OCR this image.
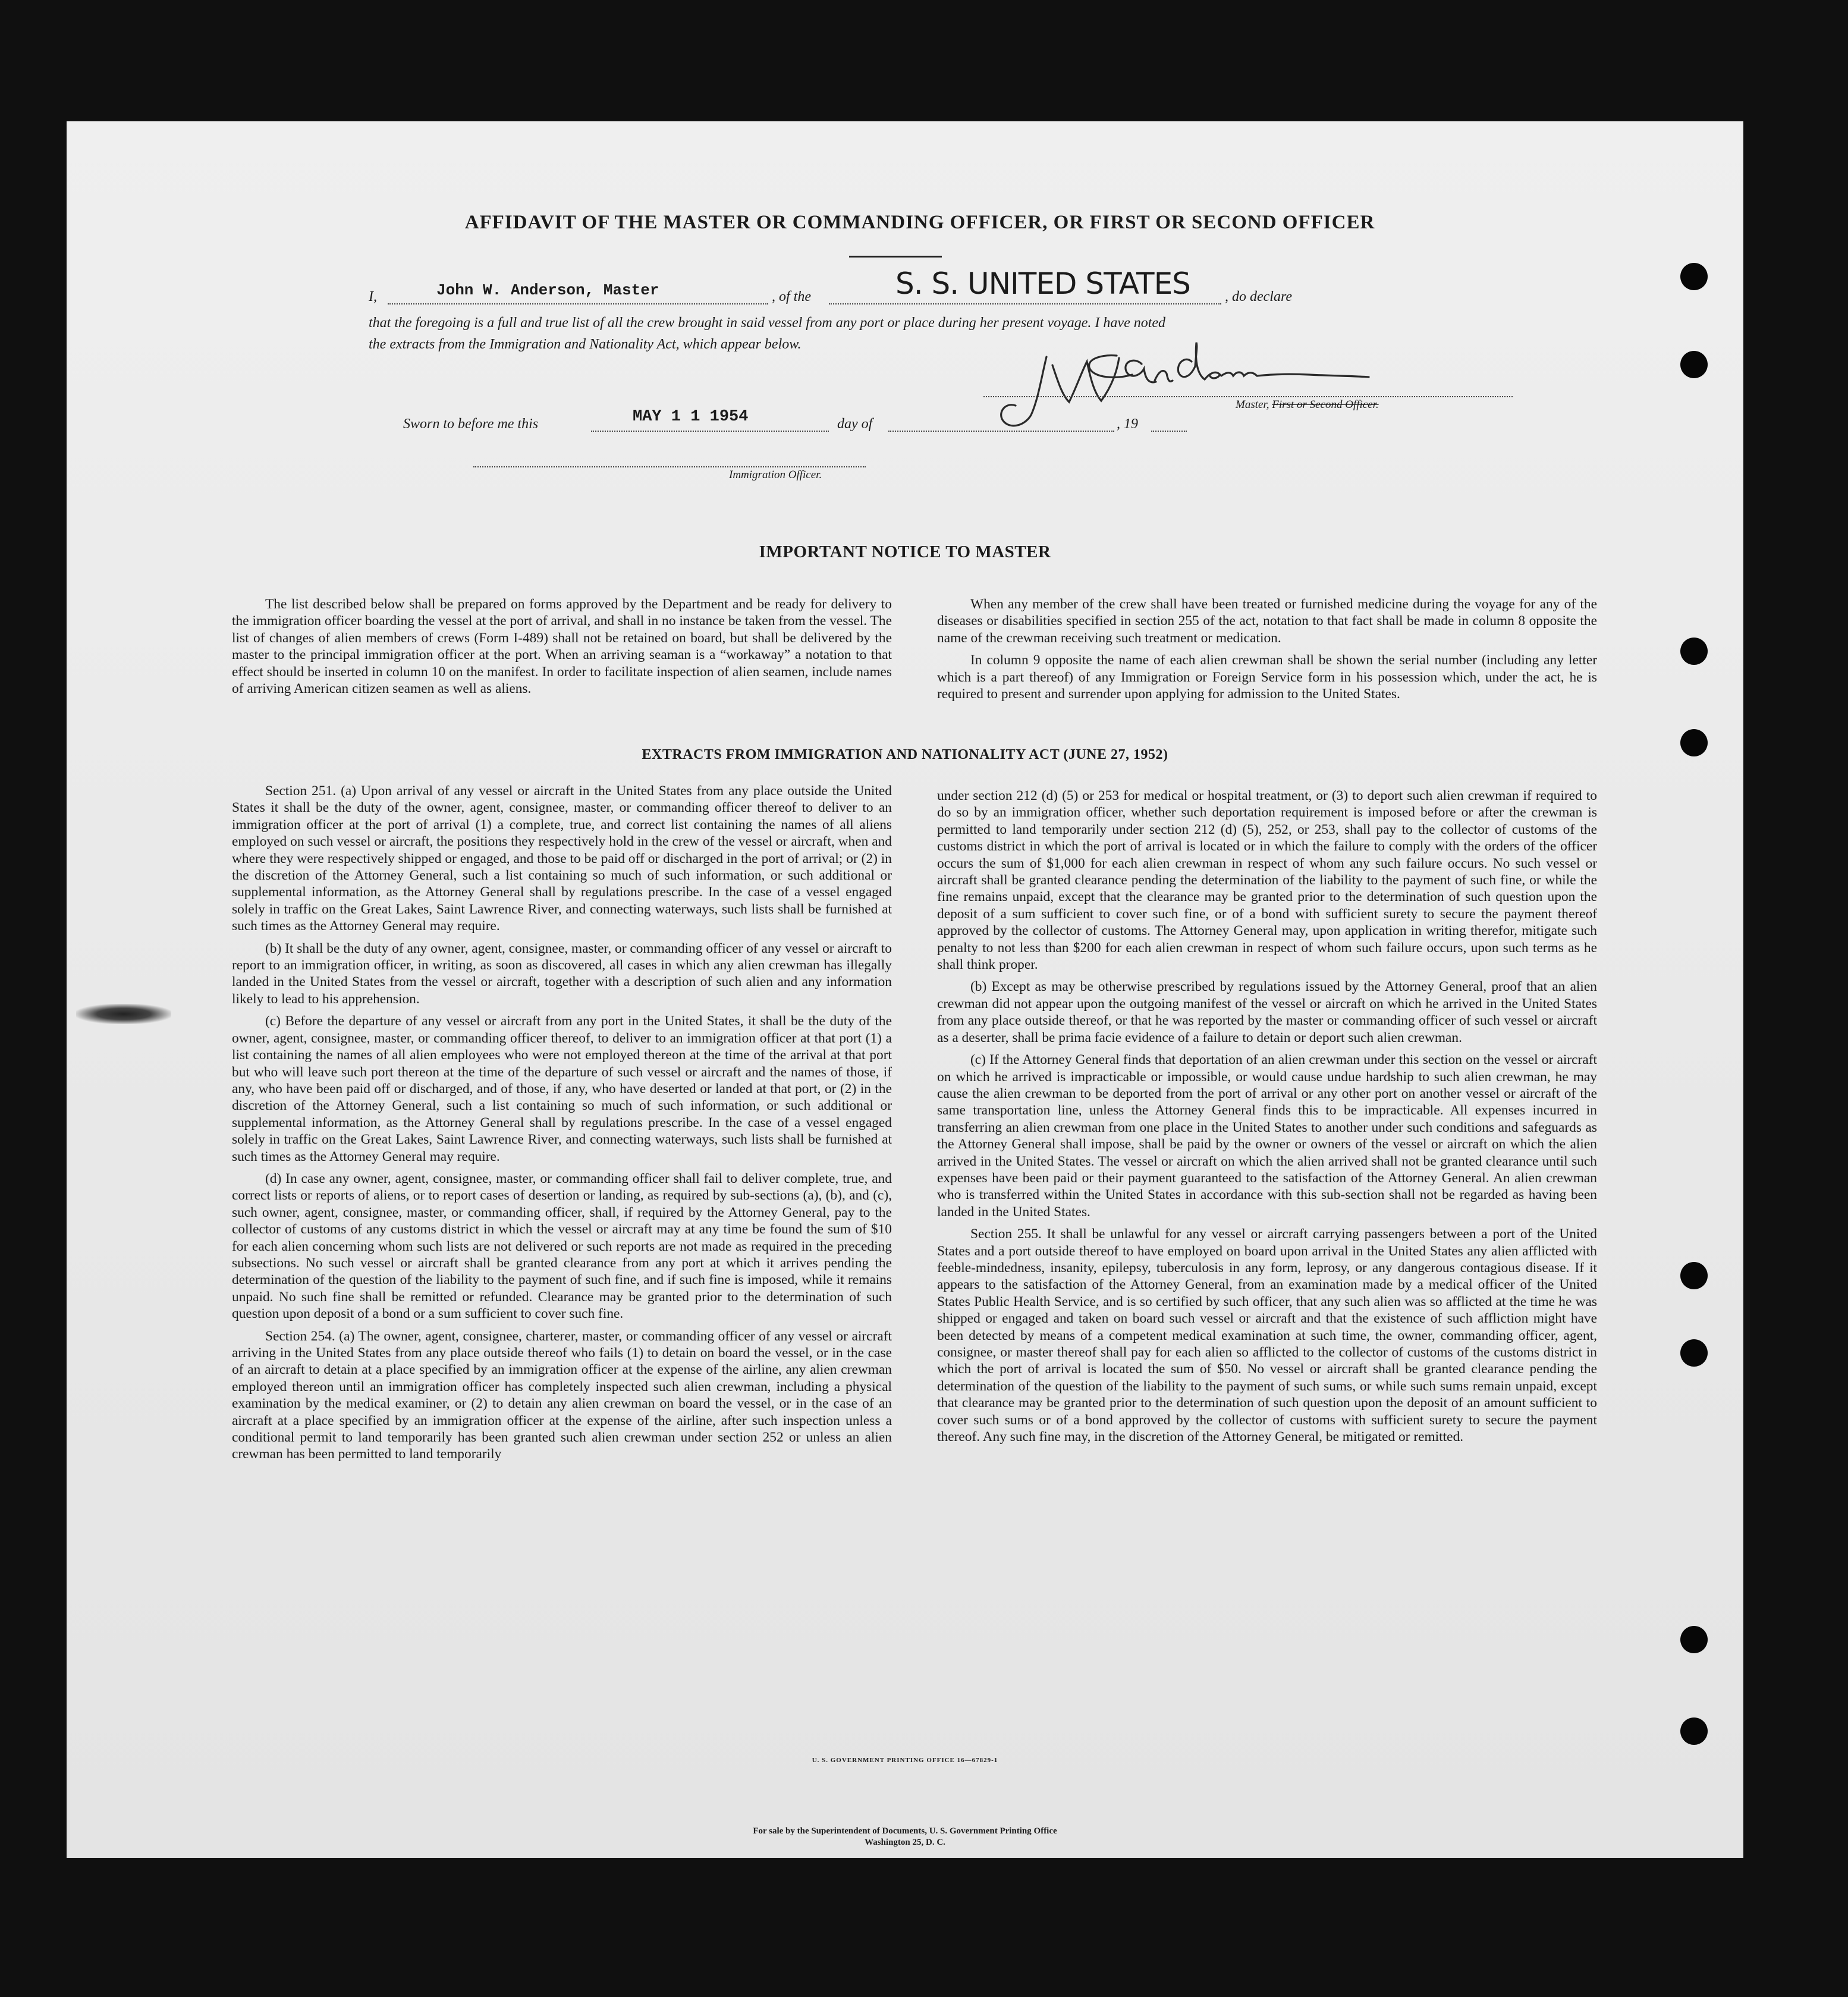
AFFIDAVIT OF THE MASTER OR COMMANDING OFFICER, OR FIRST OR SECOND OFFICER
I,	John W. Anderson, Master	, of the	S. S. UNITED STATES , do declare
that the foregoing is a full and true list of all the crew brought in said vessel from any port or place during her present voyage. I have noted
the extracts from the Immigration and Nationality Act, which appear below.
Master, First or Second Officer.
Sworn to before me this	MAY 1 1 1954	day of	, 19
Immigration Officer.
IMPORTANT NOTICE TO MASTER

The list described below shall be prepared on forms approved by the Department and be ready for delivery to the immigration officer boarding the vessel at the port of arrival, and shall in no instance be taken from the vessel. The list of changes of alien members of crews (Form I-489) shall not be retained on board, but shall be delivered by the master to the principal immigration officer at the port. When an arriving seaman is a “workaway” a notation to that effect should be inserted in column 10 on the manifest. In order to facilitate inspection of alien seamen, include names of arriving American citizen seamen as well as aliens.

When any member of the crew shall have been treated or furnished medicine during the voyage for any of the diseases or disabilities specified in section 255 of the act, notation to that fact shall be made in column 8 opposite the name of the crewman receiving such treatment or medication.

In column 9 opposite the name of each alien crewman shall be shown the serial number (including any letter which is a part thereof) of any Immigration or Foreign Service form in his possession which, under the act, he is required to present and surrender upon applying for admission to the United States.

EXTRACTS FROM IMMIGRATION AND NATIONALITY ACT (JUNE 27, 1952)

Section 251. (a) Upon arrival of any vessel or aircraft in the United States from any place outside the United States it shall be the duty of the owner, agent, consignee, master, or commanding officer thereof to deliver to an immigration officer at the port of arrival (1) a complete, true, and correct list containing the names of all aliens employed on such vessel or aircraft, the positions they respectively hold in the crew of the vessel or aircraft, when and where they were respectively shipped or engaged, and those to be paid off or discharged in the port of arrival; or (2) in the discretion of the Attorney General, such a list containing so much of such information, or such additional or supplemental information, as the Attorney General shall by regulations prescribe. In the case of a vessel engaged solely in traffic on the Great Lakes, Saint Lawrence River, and connecting waterways, such lists shall be furnished at such times as the Attorney General may require.

(b) It shall be the duty of any owner, agent, consignee, master, or commanding officer of any vessel or aircraft to report to an immigration officer, in writing, as soon as discovered, all cases in which any alien crewman has illegally landed in the United States from the vessel or aircraft, together with a description of such alien and any information likely to lead to his apprehension.

(c) Before the departure of any vessel or aircraft from any port in the United States, it shall be the duty of the owner, agent, consignee, master, or commanding officer thereof, to deliver to an immigration officer at that port (1) a list containing the names of all alien employees who were not employed thereon at the time of the arrival at that port but who will leave such port thereon at the time of the departure of such vessel or aircraft and the names of those, if any, who have been paid off or discharged, and of those, if any, who have deserted or landed at that port, or (2) in the discretion of the Attorney General, such a list containing so much of such information, or such additional or supplemental information, as the Attorney General shall by regulations prescribe. In the case of a vessel engaged solely in traffic on the Great Lakes, Saint Lawrence River, and connecting waterways, such lists shall be furnished at such times as the Attorney General may require.

(d) In case any owner, agent, consignee, master, or commanding officer shall fail to deliver complete, true, and correct lists or reports of aliens, or to report cases of desertion or landing, as required by sub-sections (a), (b), and (c), such owner, agent, consignee, master, or commanding officer, shall, if required by the Attorney General, pay to the collector of customs of any customs district in which the vessel or aircraft may at any time be found the sum of $10 for each alien concerning whom such lists are not delivered or such reports are not made as required in the preceding subsections. No such vessel or aircraft shall be granted clearance from any port at which it arrives pending the determination of the question of the liability to the payment of such fine, and if such fine is imposed, while it remains unpaid. No such fine shall be remitted or refunded. Clearance may be granted prior to the determination of such question upon deposit of a bond or a sum sufficient to cover such fine.

Section 254. (a) The owner, agent, consignee, charterer, master, or commanding officer of any vessel or aircraft arriving in the United States from any place outside thereof who fails (1) to detain on board the vessel, or in the case of an aircraft to detain at a place specified by an immigration officer at the expense of the airline, any alien crewman employed thereon until an immigration officer has completely inspected such alien crewman, including a physical examination by the medical examiner, or (2) to detain any alien crewman on board the vessel, or in the case of an aircraft at a place specified by an immigration officer at the expense of the airline, after such inspection unless a conditional permit to land temporarily has been granted such alien crewman under section 252 or unless an alien crewman has been permitted to land temporarily

under section 212 (d) (5) or 253 for medical or hospital treatment, or (3) to deport such alien crewman if required to do so by an immigration officer, whether such deportation requirement is imposed before or after the crewman is permitted to land temporarily under section 212 (d) (5), 252, or 253, shall pay to the collector of customs of the customs district in which the port of arrival is located or in which the failure to comply with the orders of the officer occurs the sum of $1,000 for each alien crewman in respect of whom any such failure occurs. No such vessel or aircraft shall be granted clearance pending the determination of the liability to the payment of such fine, or while the fine remains unpaid, except that the clearance may be granted prior to the determination of such question upon the deposit of a sum sufficient to cover such fine, or of a bond with sufficient surety to secure the payment thereof approved by the collector of customs. The Attorney General may, upon application in writing therefor, mitigate such penalty to not less than $200 for each alien crewman in respect of whom such failure occurs, upon such terms as he shall think proper.

(b) Except as may be otherwise prescribed by regulations issued by the Attorney General, proof that an alien crewman did not appear upon the outgoing manifest of the vessel or aircraft on which he arrived in the United States from any place outside thereof, or that he was reported by the master or commanding officer of such vessel or aircraft as a deserter, shall be prima facie evidence of a failure to detain or deport such alien crewman.

(c) If the Attorney General finds that deportation of an alien crewman under this section on the vessel or aircraft on which he arrived is impracticable or impossible, or would cause undue hardship to such alien crewman, he may cause the alien crewman to be deported from the port of arrival or any other port on another vessel or aircraft of the same transportation line, unless the Attorney General finds this to be impracticable. All expenses incurred in transferring an alien crewman from one place in the United States to another under such conditions and safeguards as the Attorney General shall impose, shall be paid by the owner or owners of the vessel or aircraft on which the alien arrived in the United States. The vessel or aircraft on which the alien arrived shall not be granted clearance until such expenses have been paid or their payment guaranteed to the satisfaction of the Attorney General. An alien crewman who is transferred within the United States in accordance with this sub-section shall not be regarded as having been landed in the United States.

Section 255. It shall be unlawful for any vessel or aircraft carrying passengers between a port of the United States and a port outside thereof to have employed on board upon arrival in the United States any alien afflicted with feeble-mindedness, insanity, epilepsy, tuberculosis in any form, leprosy, or any dangerous contagious disease. If it appears to the satisfaction of the Attorney General, from an examination made by a medical officer of the United States Public Health Service, and is so certified by such officer, that any such alien was so afflicted at the time he was shipped or engaged and taken on board such vessel or aircraft and that the existence of such affliction might have been detected by means of a competent medical examination at such time, the owner, commanding officer, agent, consignee, or master thereof shall pay for each alien so afflicted to the collector of customs of the customs district in which the port of arrival is located the sum of $50. No vessel or aircraft shall be granted clearance pending the determination of the question of the liability to the payment of such sums, or while such sums remain unpaid, except that clearance may be granted prior to the determination of such question upon the deposit of an amount sufficient to cover such sums or of a bond approved by the collector of customs with sufficient surety to secure the payment thereof. Any such fine may, in the discretion of the Attorney General, be mitigated or remitted.

U. S. GOVERNMENT PRINTING OFFICE 16—67829-1
For sale by the Superintendent of Documents, U. S. Government Printing Office
Washington 25, D. C.
